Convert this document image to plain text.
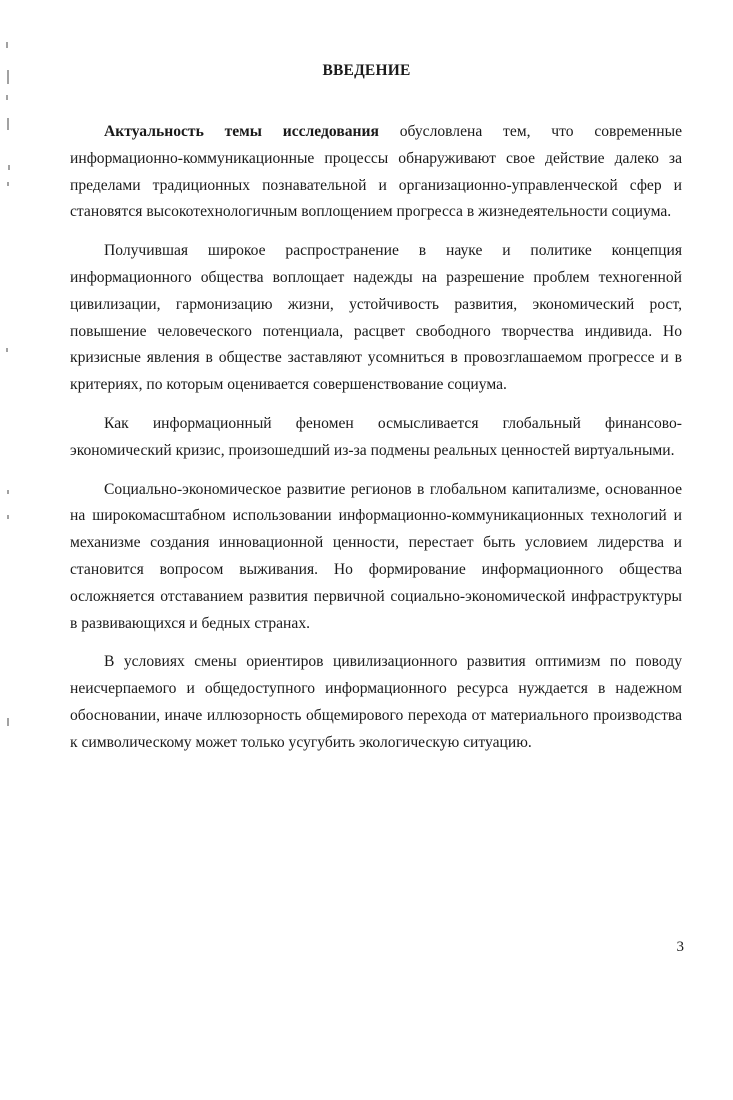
ВВЕДЕНИЕ

Актуальность темы исследования обусловлена тем, что современные информационно-коммуникационные процессы обнаруживают свое действие далеко за пределами традиционных познавательной и организационно-управленческой сфер и становятся высокотехнологичным воплощением прогресса в жизнедеятельности социума.

Получившая широкое распространение в науке и политике концепция информационного общества воплощает надежды на разрешение проблем техногенной цивилизации, гармонизацию жизни, устойчивость развития, экономический рост, повышение человеческого потенциала, расцвет свободного творчества индивида. Но кризисные явления в обществе заставляют усомниться в провозглашаемом прогрессе и в критериях, по которым оценивается совершенствование социума.

Как информационный феномен осмысливается глобальный финансово-экономический кризис, произошедший из-за подмены реальных ценностей виртуальными.

Социально-экономическое развитие регионов в глобальном капитализме, основанное на широкомасштабном использовании информационно-коммуникационных технологий и механизме создания инновационной ценности, перестает быть условием лидерства и становится вопросом выживания. Но формирование информационного общества осложняется отставанием развития первичной социально-экономической инфраструктуры в развивающихся и бедных странах.

В условиях смены ориентиров цивилизационного развития оптимизм по поводу неисчерпаемого и общедоступного информационного ресурса нуждается в надежном обосновании, иначе иллюзорность общемирового перехода от материального производства к символическому может только усугубить экологическую ситуацию.

3
